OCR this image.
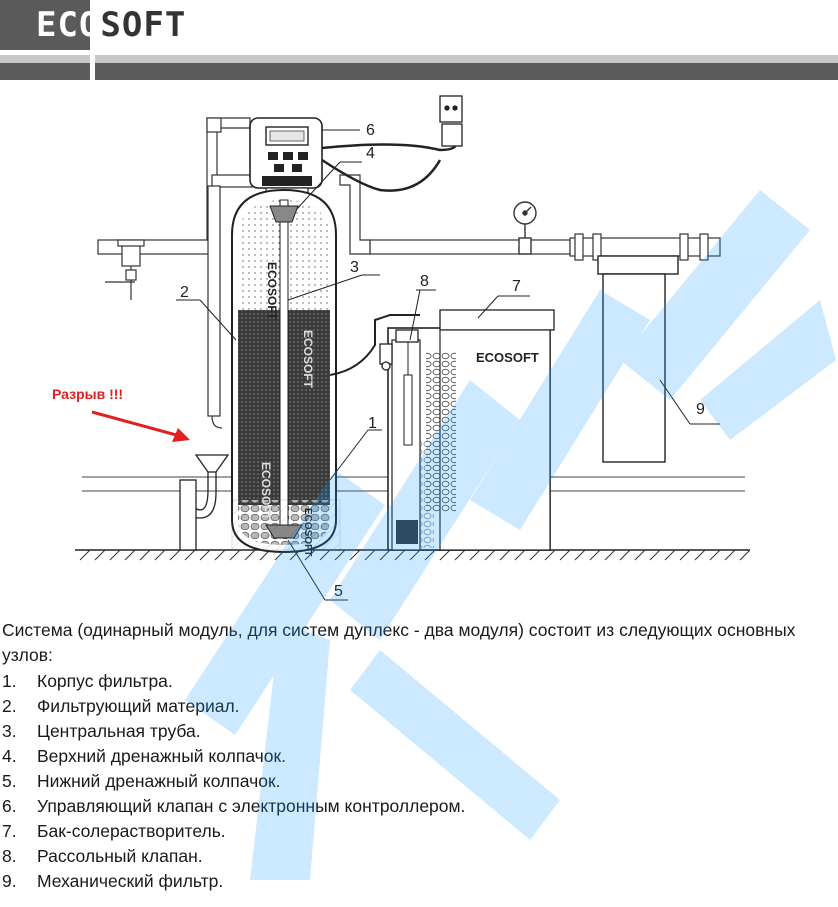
ECOSOFT
ECOSOFT
ECOSOFT
ECOSOFT
ECOSOFT
ECOSOFT
6
4
3
2
1
5
7
8
9
Разрыв !!!

Система (одинарный модуль, для систем дуплекс - два модуля) состоит из следующих основных узлов:

1.	Корпус фильтра.
2.	Фильтрующий материал.
3.	Центральная труба.
4.	Верхний дренажный колпачок.
5.	Нижний дренажный колпачок.
6.	Управляющий клапан с электронным контроллером.
7.	Бак-солерастворитель.
8.	Рассольный клапан.
9.	Механический фильтр.
